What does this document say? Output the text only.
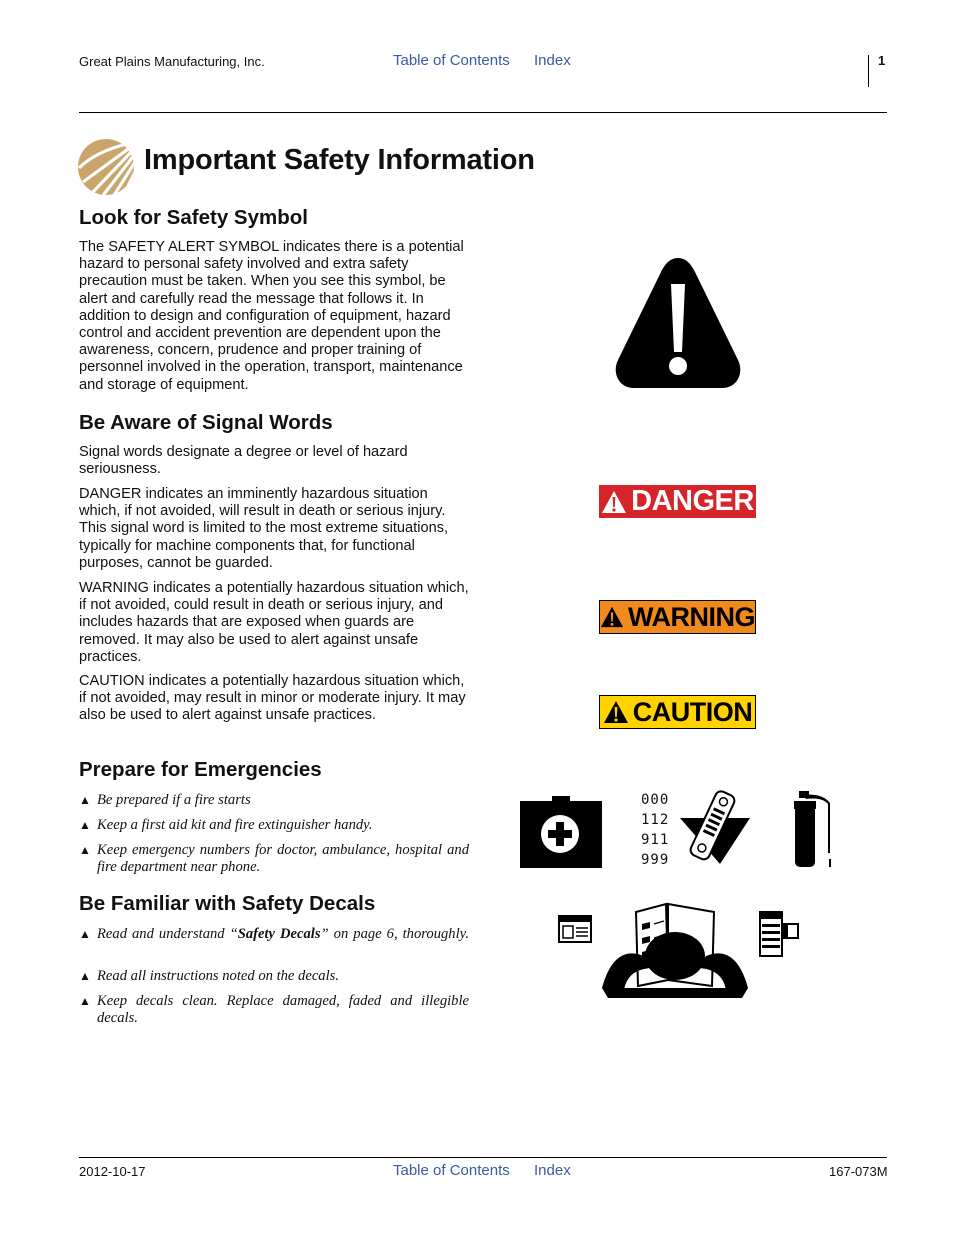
Great Plains Manufacturing, Inc.	Table of Contents Index	1
Important Safety Information
Look for Safety Symbol

The SAFETY ALERT SYMBOL indicates there is a potential hazard to personal safety involved and extra safety precaution must be taken. When you see this symbol, be alert and carefully read the message that follows it. In addition to design and configuration of equipment, hazard control and accident prevention are dependent upon the awareness, concern, prudence and proper training of personnel involved in the operation, transport, maintenance and storage of equipment.

Be Aware of Signal Words

Signal words designate a degree or level of hazard seriousness.

DANGER indicates an imminently hazardous situation which, if not avoided, will result in death or serious injury. This signal word is limited to the most extreme situations, typically for machine components that, for functional purposes, cannot be guarded.

WARNING indicates a potentially hazardous situation which, if not avoided, could result in death or serious injury, and includes hazards that are exposed when guards are removed. It may also be used to alert against unsafe practices.

CAUTION indicates a potentially hazardous situation which, if not avoided, may result in minor or moderate injury. It may also be used to alert against unsafe practices.

DANGER
WARNING
CAUTION
Prepare for Emergencies
▲ Be prepared if a fire starts
▲ Keep a first aid kit and fire extinguisher handy.
▲ Keep emergency numbers for doctor, ambulance, hospital and fire department near phone.
000
112
911
999
Be Familiar with Safety Decals
▲ Read and understand “Safety Decals” on page 6, thoroughly.
▲ Read all instructions noted on the decals.
▲ Keep decals clean. Replace damaged, faded and illegible decals.
2012-10-17	Table of Contents Index	167-073M
